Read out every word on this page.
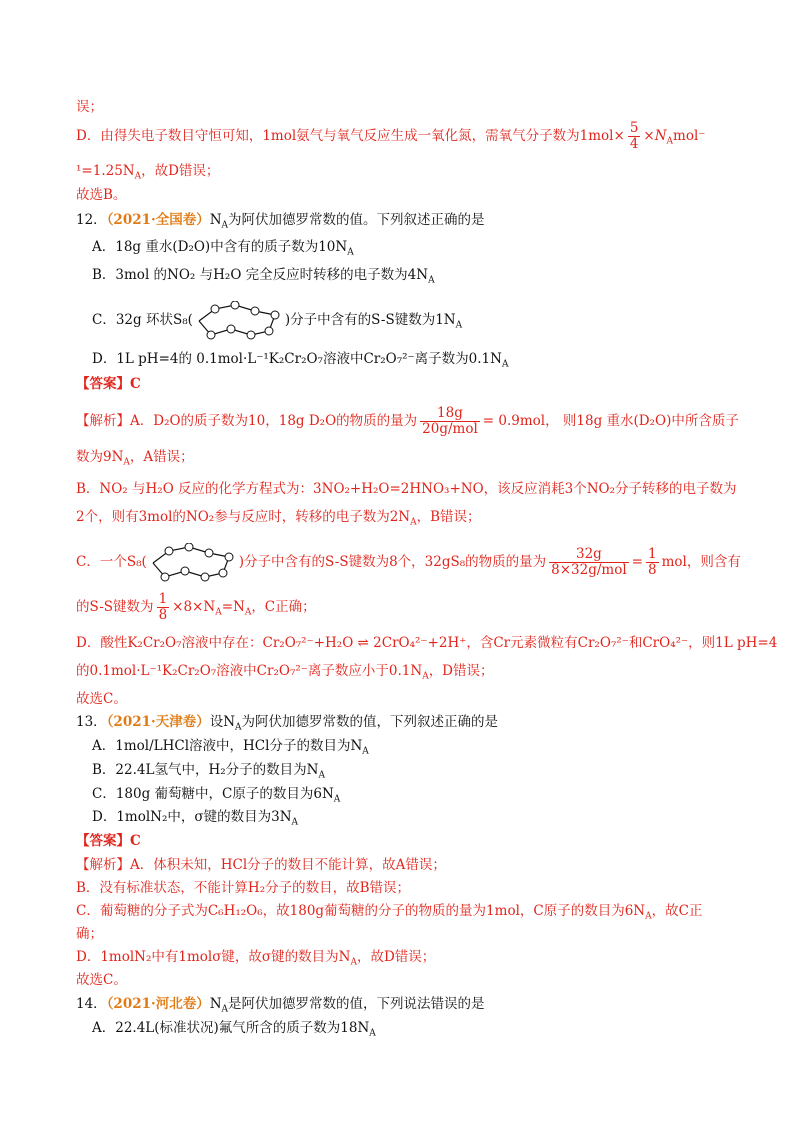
误；
D．由得失电子数目守恒可知，1mol氨气与氧气反应生成一氧化氮，需氧气分子数为$1mol\times \frac{5}{4} \times N_Amol^-$
$^1=1.25N_A$，故D错误；
故选B。
12．（2021·全国卷）$N_A$为阿伏加德罗常数的值。下列叙述正确的是
A．18g 重水(D₂O)中含有的质子数为$10N_A$
B．3mol 的NO₂ 与H₂O 完全反应时转移的电子数为$4N_A$
C．32g 环状S₈(	)分子中含有的S-S键数为$1N_A$
D．1L pH=4的 0.1mol·L⁻¹K₂Cr₂O₇溶液中Cr₂O₇²⁻离子数为$0.1N_A$
【答案】C
【解析】A．D₂O的质子数为10，18g D₂O的物质的量为 $\frac{18g}{\text{20g/mol}} = 0.9mol$， 则18g 重水(D₂O)中所含质子
数为$9N_A$，A错误；
B．NO₂ 与H₂O 反应的化学方程式为：3NO₂+H₂O=2HNO₃+NO，该反应消耗3个NO₂分子转移的电子数为
2个，则有3mol的NO₂参与反应时，转移的电子数为$2N_A$，B错误；
C．一个S₈(	)分子中含有的S-S键数为8个，32gS₈的物质的量为 $\frac{32g}{\text{8×32g/mol}} = \frac{1}{8}$ mol，则含有
的S-S键数为 $\frac{1}{8} \times 8\times N_A=N_A$，C正确；
D．酸性K₂Cr₂O₇溶液中存在：Cr₂O₇²⁻+H₂O ⇌ 2CrO₄²⁻+2H⁺，含Cr元素微粒有Cr₂O₇²⁻和CrO₄²⁻，则1L pH=4
的0.1mol·L⁻¹K₂Cr₂O₇溶液中Cr₂O₇²⁻离子数应小于$0.1N_A$，D错误；
故选C。
13．（2021·天津卷）设$N_A$为阿伏加德罗常数的值，下列叙述正确的是
A．1mol/LHCl溶液中，HCl分子的数目为$N_A$
B．22.4L氢气中，H₂分子的数目为$N_A$
C．180g 葡萄糖中，C原子的数目为$6N_A$
D．1molN₂中，σ键的数目为$3N_A$
【答案】C
【解析】A．体积未知，HCl分子的数目不能计算，故A错误；
B．没有标准状态，不能计算H₂分子的数目，故B错误；
C．葡萄糖的分子式为C₆H₁₂O₆，故180g葡萄糖的分子的物质的量为1mol，C原子的数目为$6N_A$，故C正
确；
D．1molN₂中有1molσ键，故σ键的数目为$N_A$，故D错误；
故选C。
14．（2021·河北卷）$N_A$是阿伏加德罗常数的值，下列说法错误的是
A．22.4L(标准状况)氟气所含的质子数为$18N_A$
